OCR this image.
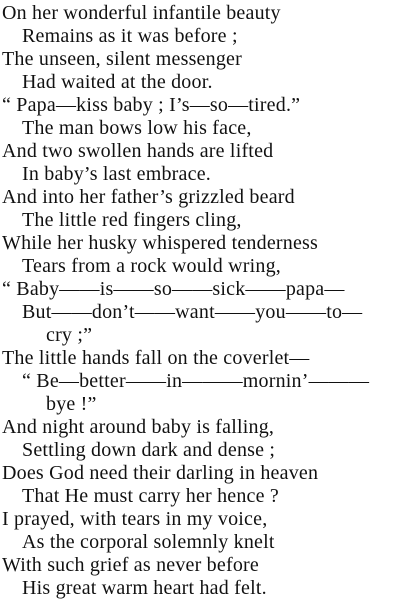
On her wonderful infantile beauty
Remains as it was before ;
The unseen, silent messenger
Had waited at the door.
“ Papa—kiss baby ; I’s—so—tired.”
The man bows low his face,
And two swollen hands are lifted
In baby’s last embrace.
And into her father’s grizzled beard
The little red fingers cling,
While her husky whispered tenderness
Tears from a rock would wring,
“ Baby——is——so——sick——papa—
But——don’t——want——you——to—
cry ;”
The little hands fall on the coverlet—
“ Be—better——in———mornin’———
bye !”
And night around baby is falling,
Settling down dark and dense ;
Does God need their darling in heaven
That He must carry her hence ?
I prayed, with tears in my voice,
As the corporal solemnly knelt
With such grief as never before
His great warm heart had felt.
